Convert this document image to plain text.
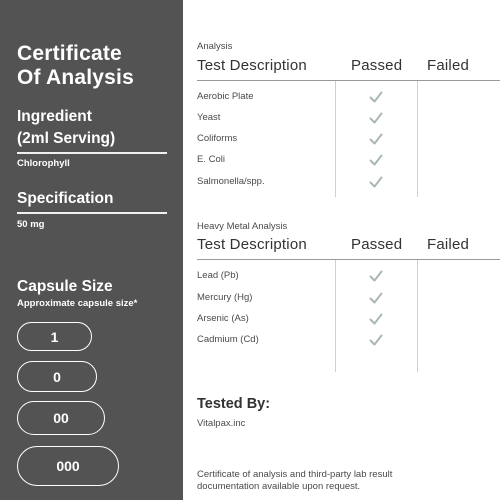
Certificate
Of Analysis
Ingredient
(2ml Serving)
Chlorophyll
Specification
50 mg
Capsule Size
Approximate capsule size*
1
0
00
000
Analysis
Test Description	Passed Failed
Aerobic Plate
Yeast
Coliforms
E. Coli
Salmonella/spp.
Heavy Metal Analysis
Test Description	Passed Failed
Lead (Pb)
Mercury (Hg)
Arsenic (As)
Cadmium (Cd)
Tested By:
Vitalpax.inc
Certificate of analysis and third-party lab result documentation available upon request.
